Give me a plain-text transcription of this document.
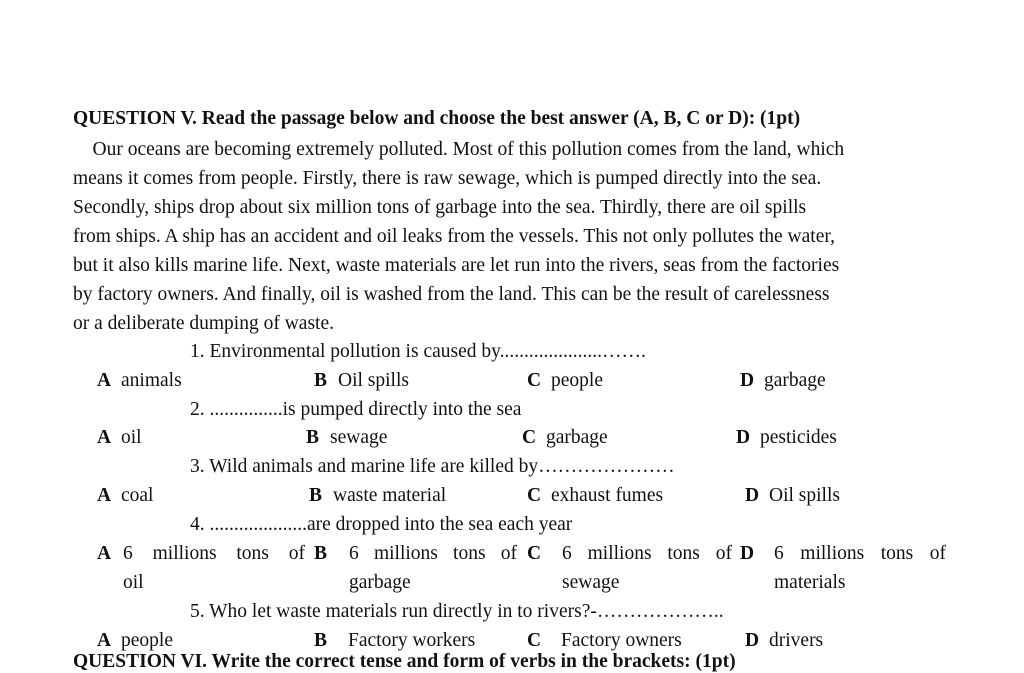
QUESTION V. Read the passage below and choose the best answer (A, B, C or D): (1pt)
Our oceans are becoming extremely polluted. Most of this pollution comes from the land, which
means it comes from people. Firstly, there is raw sewage, which is pumped directly into the sea.
Secondly, ships drop about six million tons of garbage into the sea. Thirdly, there are oil spills
from ships. A ship has an accident and oil leaks from the vessels. This not only pollutes the water,
but it also kills marine life. Next, waste materials are let run into the rivers, seas from the factories
by factory owners. And finally, oil is washed from the land. This can be the result of carelessness
or a deliberate dumping of waste.
1. Environmental pollution is caused by.....................…….
A animals	B Oil spills	C people	D garbage
2. ...............is pumped directly into the sea
A oil	B sewage	C garbage	D pesticides
3. Wild animals and marine life are killed by…………………
A coal	B waste material	C exhaust fumes	D Oil spills
4. ....................are dropped into the sea each year
A 6 millions tons of
oil
B 6 millions tons of
garbage
C 6 millions tons of
sewage
D 6 millions tons of
materials
5. Who let waste materials run directly in to rivers?-………………..
A people	B Factory workers	C Factory owners	D drivers
QUESTION VI. Write the correct tense and form of verbs in the brackets: (1pt)
